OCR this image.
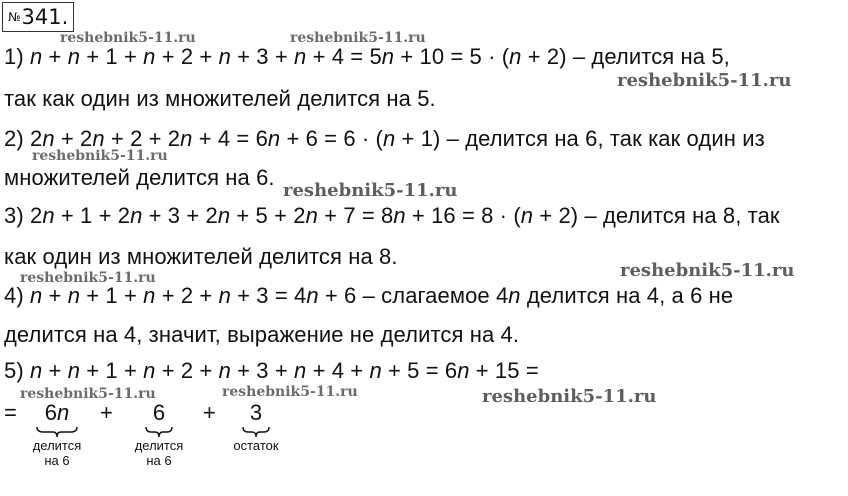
№341.
reshebnik5-11.ru	reshebnik5-11.ru
reshebnik5-11.ru
reshebnik5-11.ru
reshebnik5-11.ru
reshebnik5-11.ru
reshebnik5-11.ru
reshebnik5-11.ru	reshebnik5-11.ru	reshebnik5-11.ru
1) n + n + 1 + n + 2 + n + 3 + n + 4 = 5n + 10 = 5 · (n + 2) – делится на 5,
так как один из множителей делится на 5.
2) 2n + 2n + 2 + 2n + 4 = 6n + 6 = 6 · (n + 1) – делится на 6, так как один из
множителей делится на 6.
3) 2n + 1 + 2n + 3 + 2n + 5 + 2n + 7 = 8n + 16 = 8 · (n + 2) – делится на 8, так
как один из множителей делится на 8.
4) n + n + 1 + n + 2 + n + 3 = 4n + 6 – слагаемое 4n делится на 4, а 6 не
делится на 4, значит, выражение не делится на 4.
5) n + n + 1 + n + 2 + n + 3 + n + 4 + n + 5 = 6n + 15 =
=	+	+
6n
делится
на 6
6
делится
на 6
3
остаток
